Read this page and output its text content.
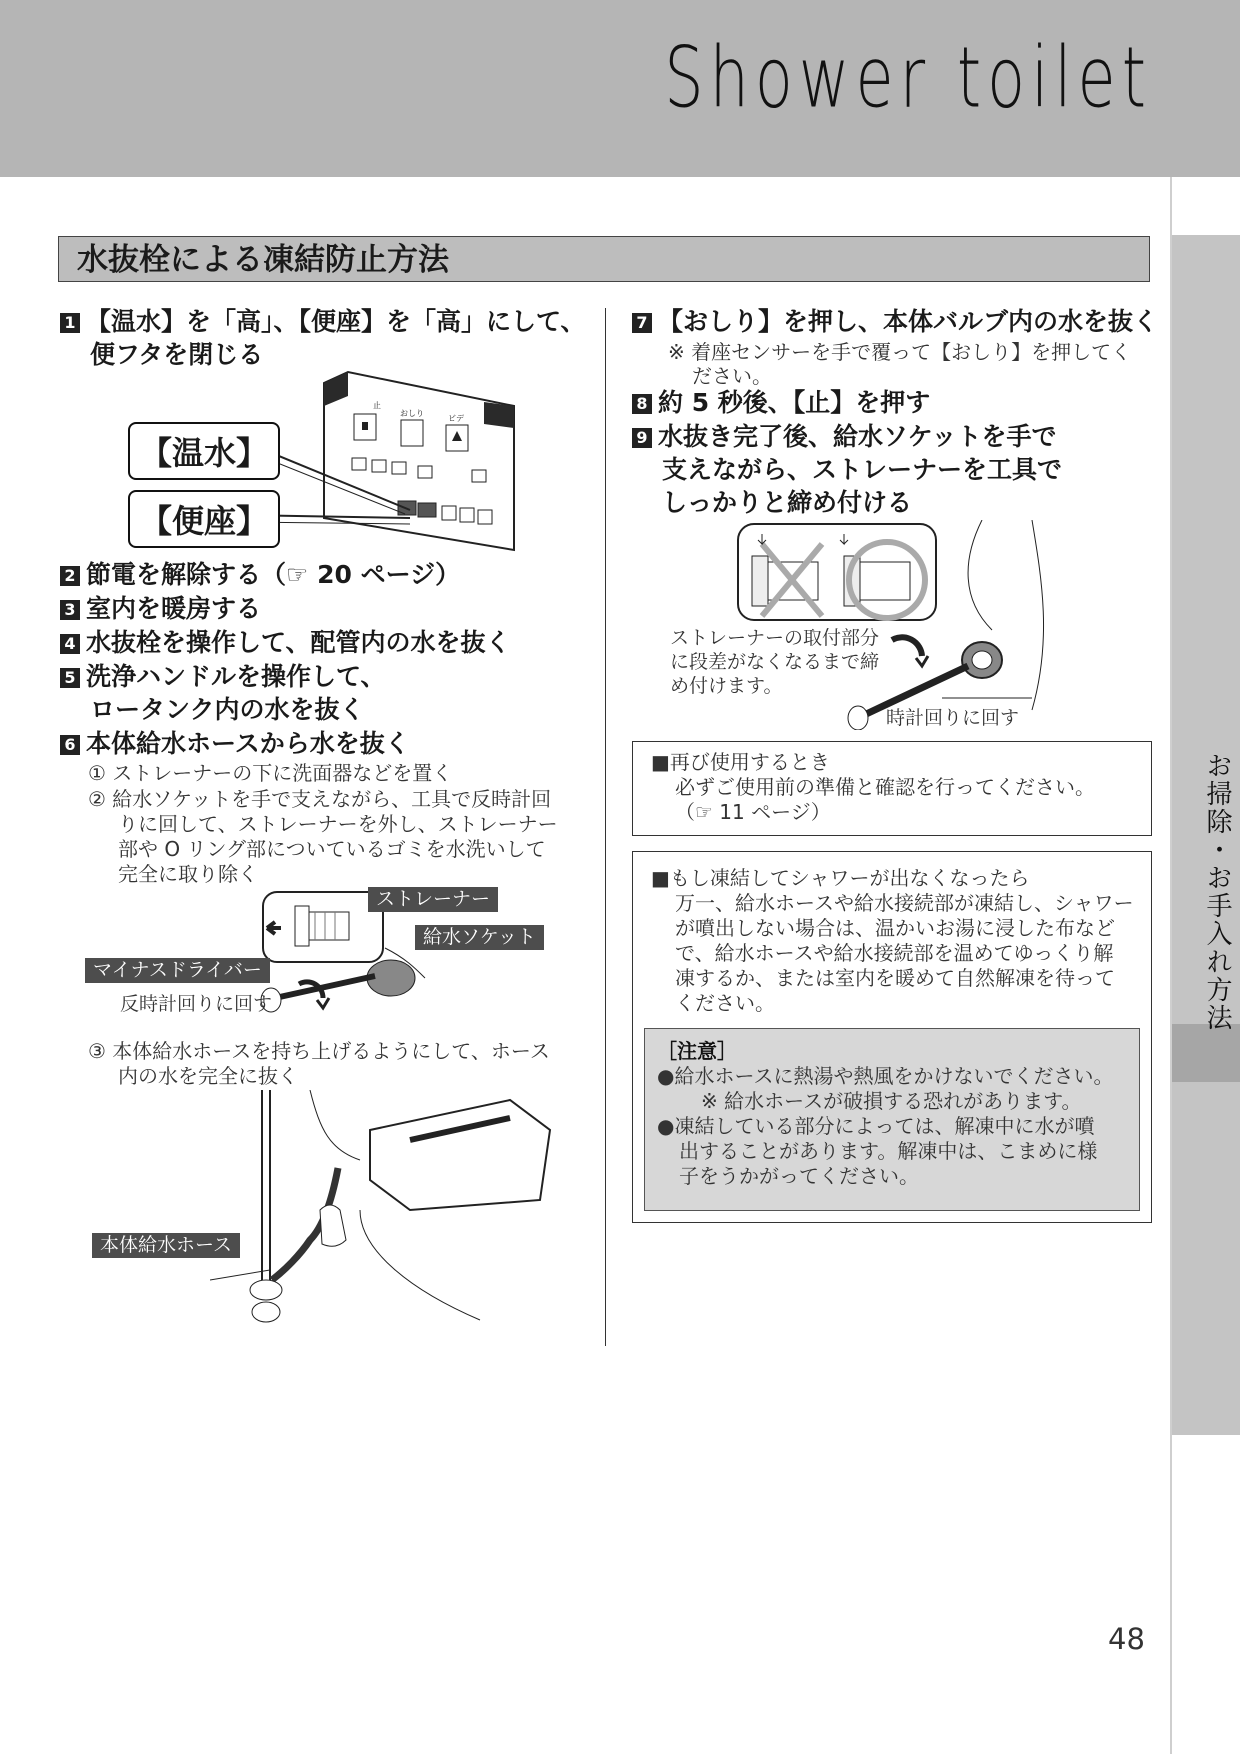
Shower toilet
お掃除・お手入れ方法
水抜栓による凍結防止方法
1 【温水】を「高」、【便座】を「高」にして、
便フタを閉じる
止
おしり
ビデ
【温水】
【便座】
2 節電を解除する（☞ 20 ページ）
3 室内を暖房する
4 水抜栓を操作して、配管内の水を抜く
5 洗浄ハンドルを操作して、
ロータンク内の水を抜く
6 本体給水ホースから水を抜く
① ストレーナーの下に洗面器などを置く
② 給水ソケットを手で支えながら、工具で反時計回
りに回して、ストレーナーを外し、ストレーナー
部や O リング部についているゴミを水洗いして
完全に取り除く
ストレーナー
給水ソケット
マイナスドライバー
反時計回りに回す
③ 本体給水ホースを持ち上げるようにして、ホース
内の水を完全に抜く
本体給水ホース
7 【おしり】を押し、本体バルブ内の水を抜く
※ 着座センサーを手で覆って【おしり】を押してく
ださい。
8 約 5 秒後、【止】を押す
9 水抜き完了後、給水ソケットを手で
支えながら、ストレーナーを工具で
しっかりと締め付ける
ストレーナーの取付部分
に段差がなくなるまで締
め付けます。
時計回りに回す
■再び使用するとき
必ずご使用前の準備と確認を行ってください。
（☞ 11 ページ）
■もし凍結してシャワーが出なくなったら
万一、給水ホースや給水接続部が凍結し、シャワー
が噴出しない場合は、温かいお湯に浸した布など
で、給水ホースや給水接続部を温めてゆっくり解
凍するか、または室内を暖めて自然解凍を待って
ください。
［注意］
●給水ホースに熱湯や熱風をかけないでください。
※ 給水ホースが破損する恐れがあります。
●凍結している部分によっては、解凍中に水が噴
出することがあります。解凍中は、こまめに様
子をうかがってください。
48
